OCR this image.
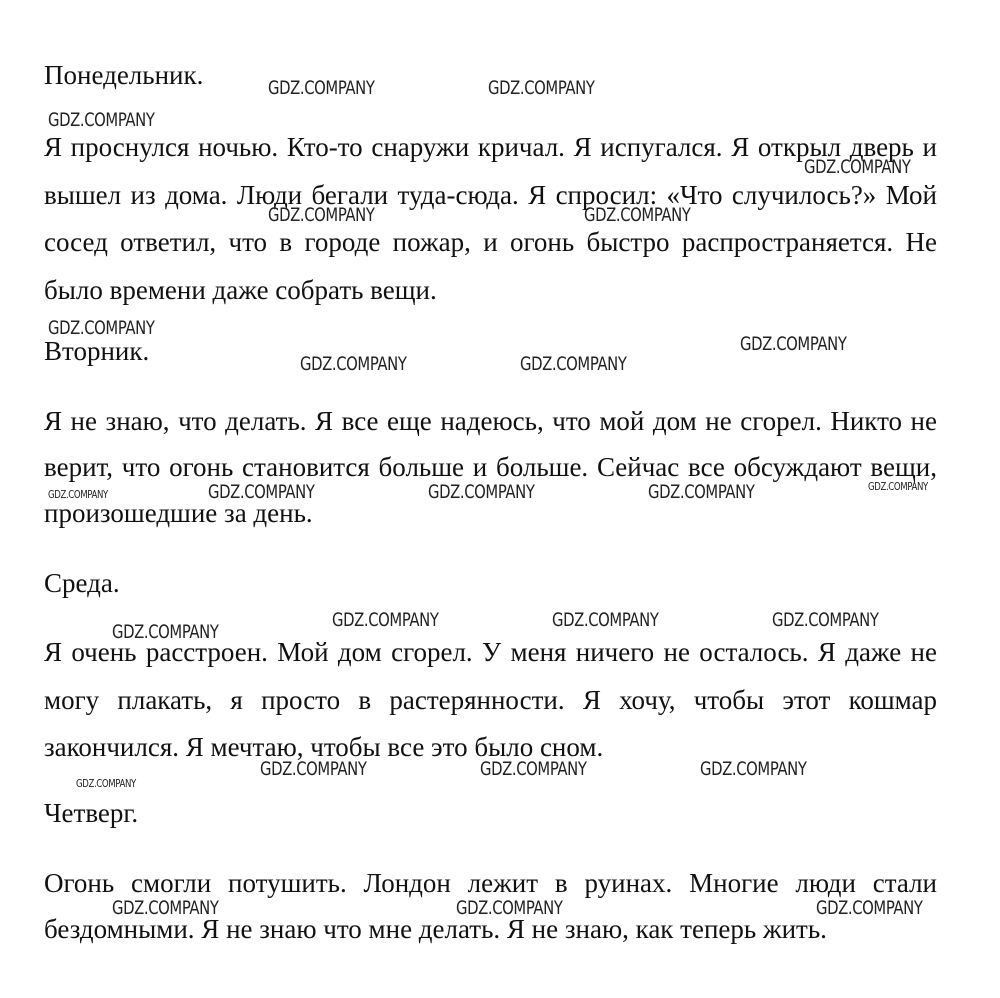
Понедельник.
Я проснулся ночью. Кто-то снаружи кричал. Я испугался. Я открыл дверь и вышел из дома. Люди бегали туда-сюда. Я спросил: «Что случилось?» Мой сосед ответил, что в городе пожар, и огонь быстро распространяется. Не было времени даже собрать вещи.
Вторник.
Я не знаю, что делать. Я все еще надеюсь, что мой дом не сгорел. Никто не верит, что огонь становится больше и больше. Сейчас все обсуждают вещи, произошедшие за день.
Среда.
Я очень расстроен. Мой дом сгорел. У меня ничего не осталось. Я даже не могу плакать, я просто в растерянности. Я хочу, чтобы этот кошмар закончился. Я мечтаю, чтобы все это было сном.
Четверг.
Огонь смогли потушить. Лондон лежит в руинах. Многие люди стали бездомными. Я не знаю что мне делать. Я не знаю, как теперь жить.
GDZ.COMPANY	GDZ.COMPANY
GDZ.COMPANY
GDZ.COMPANY
GDZ.COMPANY	GDZ.COMPANY
GDZ.COMPANY
GDZ.COMPANY
GDZ.COMPANY	GDZ.COMPANY
GDZ.COMPANY	GDZ.COMPANY	GDZ.COMPANY	GDZ.COMPANY	GDZ.COMPANY
GDZ.COMPANY	GDZ.COMPANY	GDZ.COMPANY
GDZ.COMPANY
GDZ.COMPANY	GDZ.COMPANY	GDZ.COMPANY
GDZ.COMPANY
GDZ.COMPANY	GDZ.COMPANY	GDZ.COMPANY
